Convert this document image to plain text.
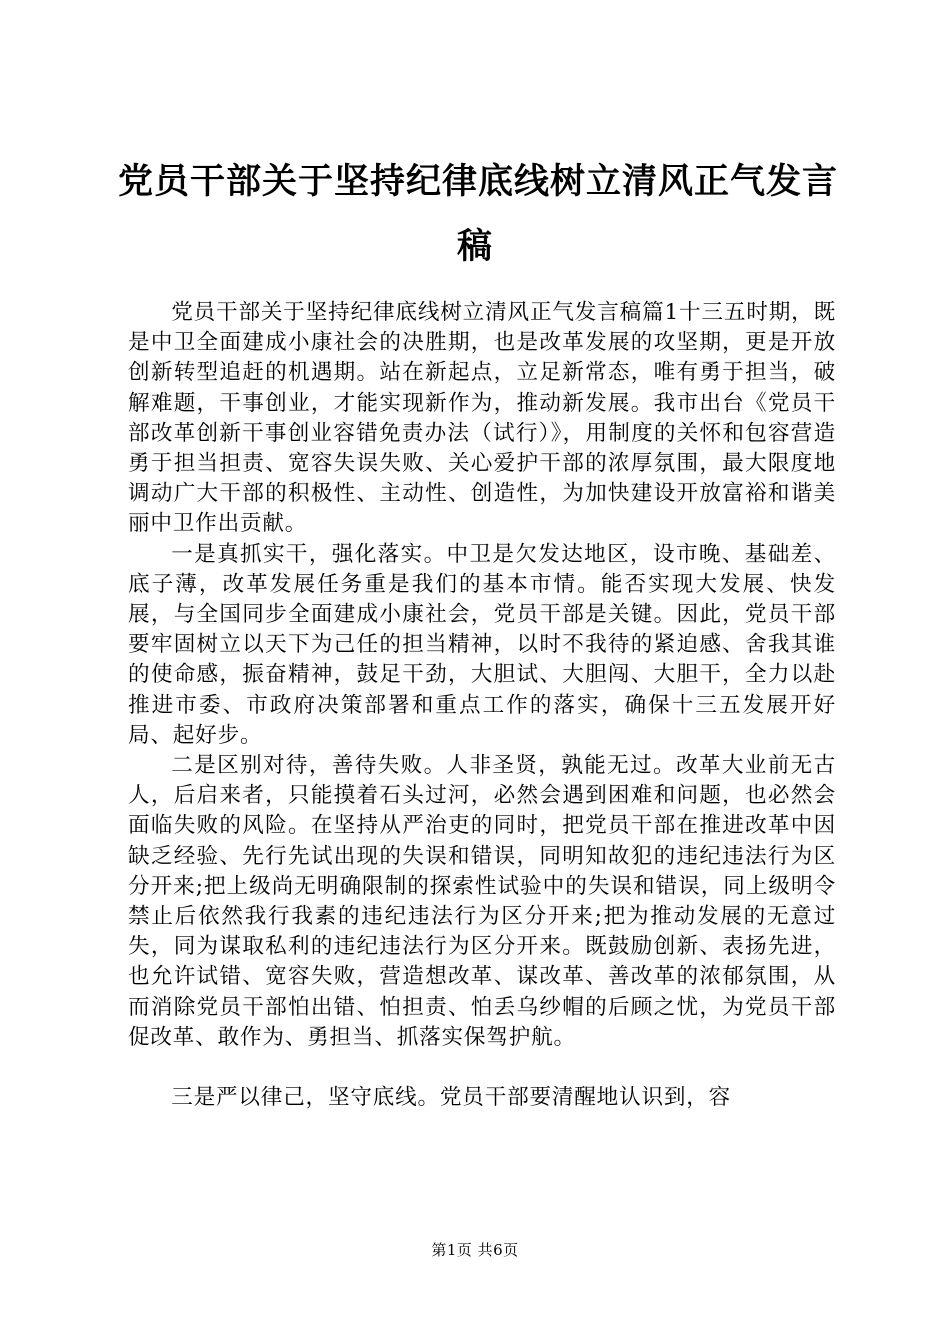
党员干部关于坚持纪律底线树立清风正气发言
稿

党员干部关于坚持纪律底线树立清风正气发言稿篇1十三五时期，既是中卫全面建成小康社会的决胜期，也是改革发展的攻坚期，更是开放创新转型追赶的机遇期。站在新起点，立足新常态，唯有勇于担当，破解难题，干事创业，才能实现新作为，推动新发展。我市出台《党员干部改革创新干事创业容错免责办法（试行）》，用制度的关怀和包容营造勇于担当担责、宽容失误失败、关心爱护干部的浓厚氛围，最大限度地调动广大干部的积极性、主动性、创造性，为加快建设开放富裕和谐美丽中卫作出贡献。

一是真抓实干，强化落实。中卫是欠发达地区，设市晚、基础差、底子薄，改革发展任务重是我们的基本市情。能否实现大发展、快发展，与全国同步全面建成小康社会，党员干部是关键。因此，党员干部要牢固树立以天下为己任的担当精神，以时不我待的紧迫感、舍我其谁的使命感，振奋精神，鼓足干劲，大胆试、大胆闯、大胆干，全力以赴推进市委、市政府决策部署和重点工作的落实，确保十三五发展开好局、起好步。

二是区别对待，善待失败。人非圣贤，孰能无过。改革大业前无古人，后启来者，只能摸着石头过河，必然会遇到困难和问题，也必然会面临失败的风险。在坚持从严治吏的同时，把党员干部在推进改革中因缺乏经验、先行先试出现的失误和错误，同明知故犯的违纪违法行为区分开来;把上级尚无明确限制的探索性试验中的失误和错误，同上级明令禁止后依然我行我素的违纪违法行为区分开来;把为推动发展的无意过失，同为谋取私利的违纪违法行为区分开来。既鼓励创新、表扬先进，也允许试错、宽容失败，营造想改革、谋改革、善改革的浓郁氛围，从而消除党员干部怕出错、怕担责、怕丢乌纱帽的后顾之忧，为党员干部促改革、敢作为、勇担当、抓落实保驾护航。

三是严以律己，坚守底线。党员干部要清醒地认识到，容

第1页 共6页
